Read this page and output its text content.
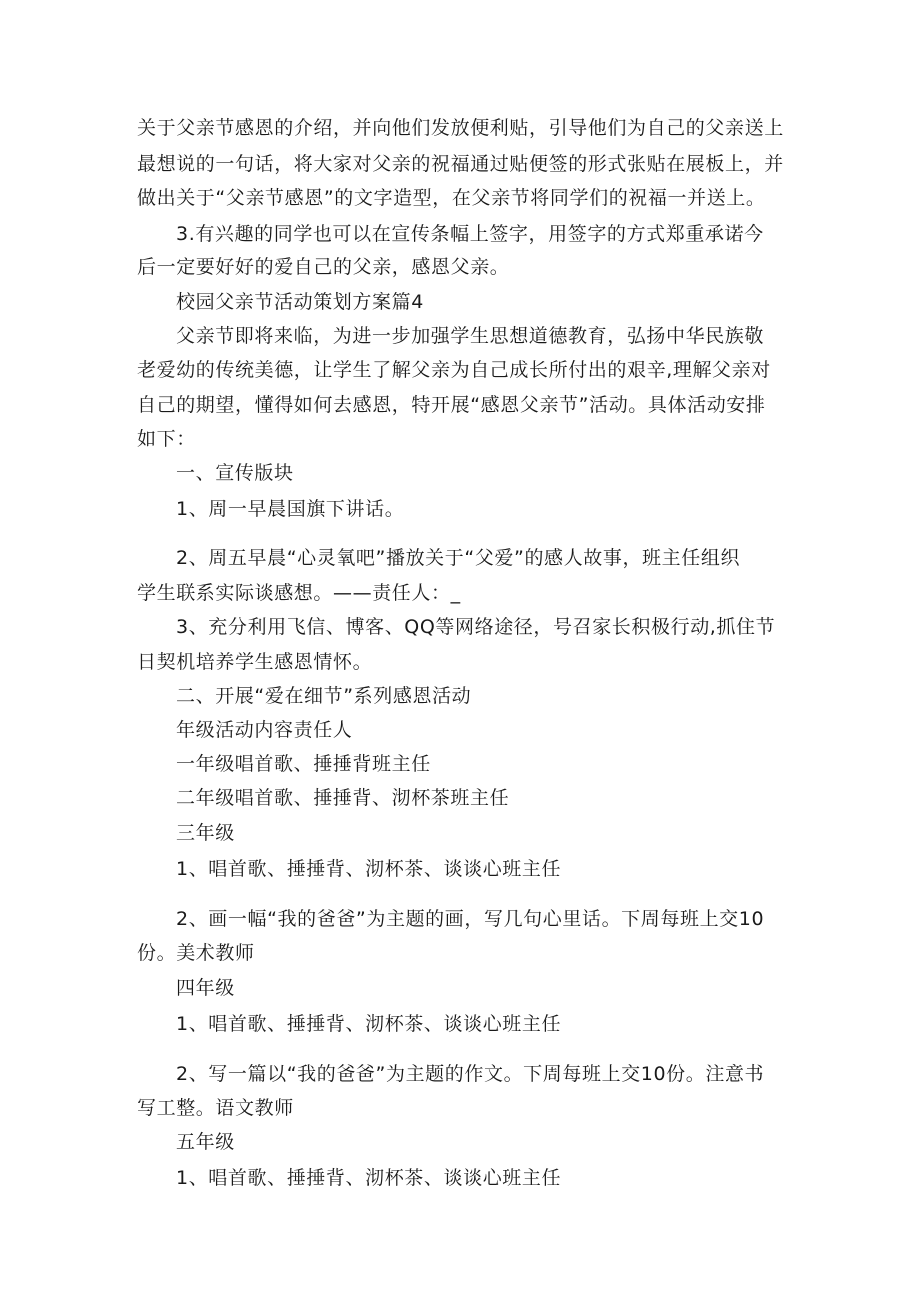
关于父亲节感恩的介绍，并向他们发放便利贴，引导他们为自己的父亲送上
最想说的一句话，将大家对父亲的祝福通过贴便签的形式张贴在展板上，并
做出关于“父亲节感恩”的文字造型，在父亲节将同学们的祝福一并送上。
3.有兴趣的同学也可以在宣传条幅上签字，用签字的方式郑重承诺今
后一定要好好的爱自己的父亲，感恩父亲。
校园父亲节活动策划方案篇4
父亲节即将来临，为进一步加强学生思想道德教育，弘扬中华民族敬
老爱幼的传统美德，让学生了解父亲为自己成长所付出的艰辛,理解父亲对
自己的期望，懂得如何去感恩，特开展“感恩父亲节”活动。具体活动安排
如下：
一、宣传版块
1、周一早晨国旗下讲话。
2、周五早晨“心灵氧吧”播放关于“父爱”的感人故事，班主任组织
学生联系实际谈感想。——责任人：_
3、充分利用飞信、博客、QQ等网络途径，号召家长积极行动,抓住节
日契机培养学生感恩情怀。
二、开展“爱在细节”系列感恩活动
年级活动内容责任人
一年级唱首歌、捶捶背班主任
二年级唱首歌、捶捶背、沏杯茶班主任
三年级
1、唱首歌、捶捶背、沏杯茶、谈谈心班主任
2、画一幅“我的爸爸”为主题的画，写几句心里话。下周每班上交10
份。美术教师
四年级
1、唱首歌、捶捶背、沏杯茶、谈谈心班主任
2、写一篇以“我的爸爸”为主题的作文。下周每班上交10份。注意书
写工整。语文教师
五年级
1、唱首歌、捶捶背、沏杯茶、谈谈心班主任
